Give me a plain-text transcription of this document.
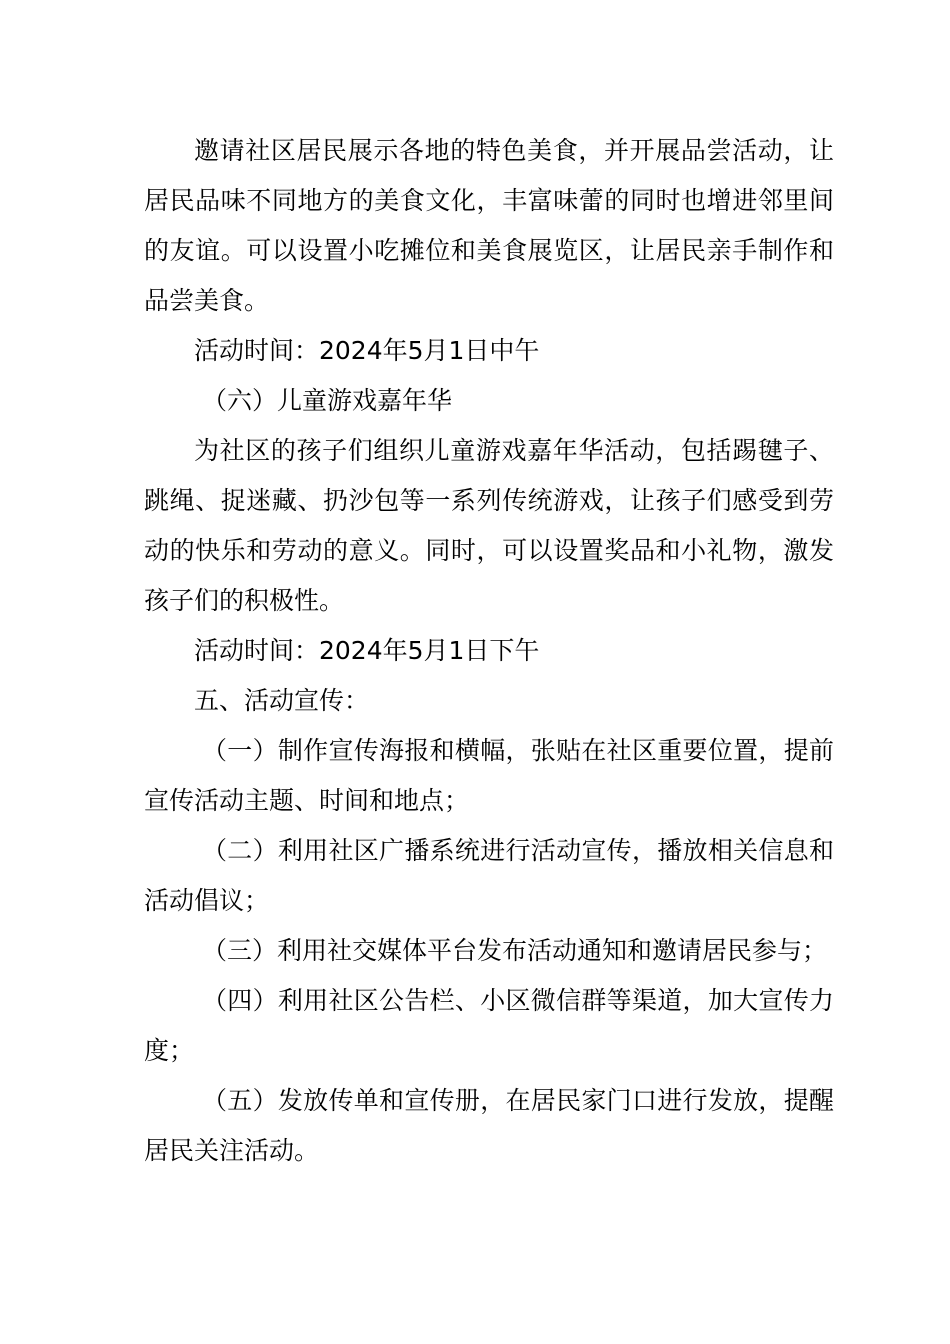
邀请社区居民展示各地的特色美食，并开展品尝活动，让居民品味不同地方的美食文化，丰富味蕾的同时也增进邻里间的友谊。可以设置小吃摊位和美食展览区，让居民亲手制作和品尝美食。

活动时间：2024年5月1日中午

（六）儿童游戏嘉年华

为社区的孩子们组织儿童游戏嘉年华活动，包括踢毽子、跳绳、捉迷藏、扔沙包等一系列传统游戏，让孩子们感受到劳动的快乐和劳动的意义。同时，可以设置奖品和小礼物，激发孩子们的积极性。

活动时间：2024年5月1日下午

五、活动宣传：

（一）制作宣传海报和横幅，张贴在社区重要位置，提前宣传活动主题、时间和地点；

（二）利用社区广播系统进行活动宣传，播放相关信息和活动倡议；

（三）利用社交媒体平台发布活动通知和邀请居民参与；

（四）利用社区公告栏、小区微信群等渠道，加大宣传力度；

（五）发放传单和宣传册，在居民家门口进行发放，提醒居民关注活动。
